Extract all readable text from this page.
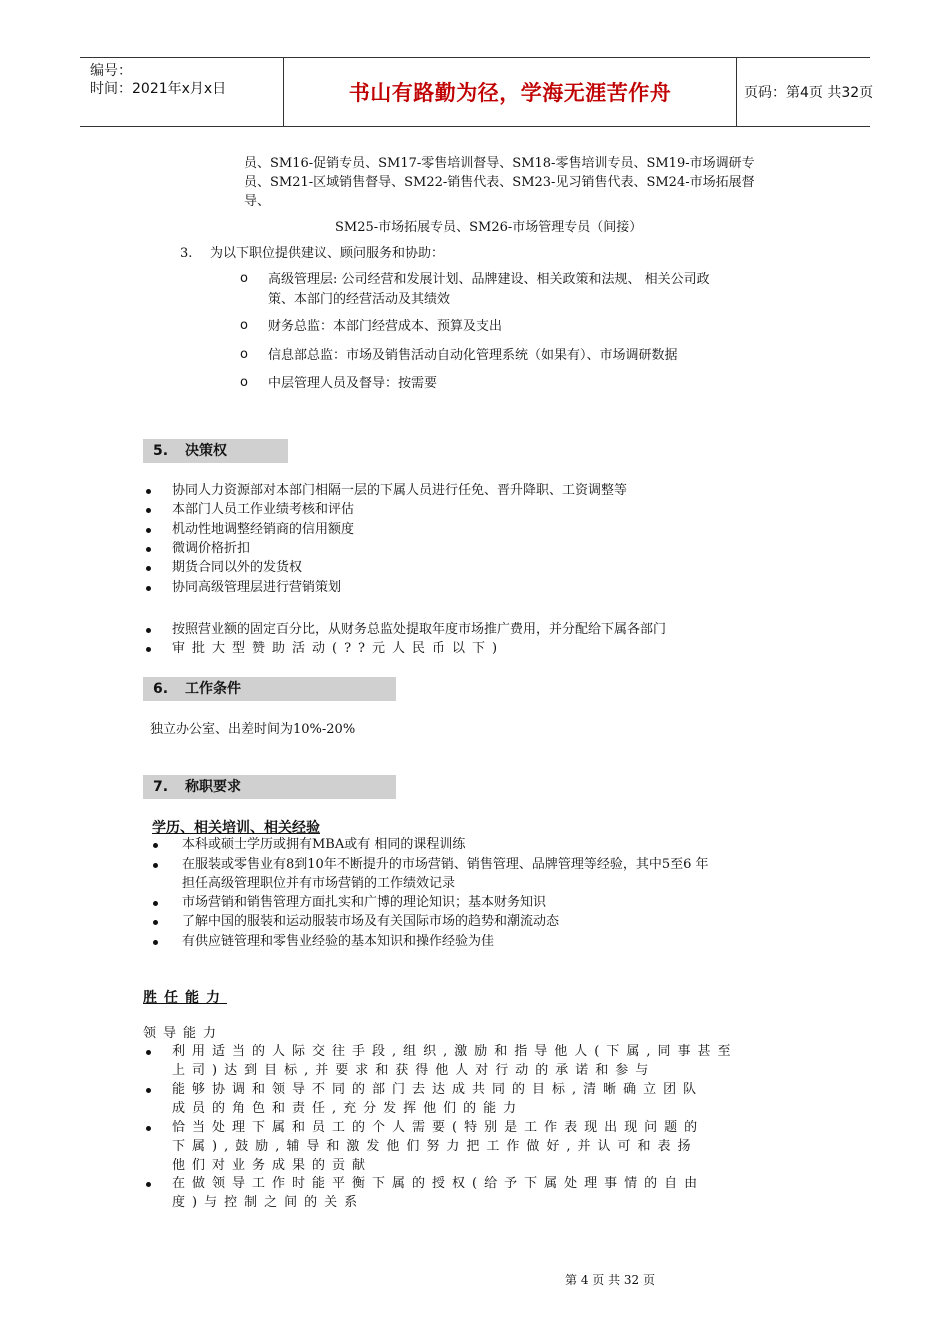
编号：
时间：2021年x月x日	书山有路勤为径，学海无涯苦作舟	页码：第4页 共32页
员、SM16-促销专员、SM17-零售培训督导、SM18-零售培训专员、SM19-市场调研专
员、SM21-区域销售督导、SM22-销售代表、SM23-见习销售代表、SM24-市场拓展督
导、
SM25-市场拓展专员、SM26-市场管理专员（间接）
3. 为以下职位提供建议、顾问服务和协助：
o 高级管理层: 公司经营和发展计划、品牌建设、相关政策和法规、 相关公司政
策、本部门的经营活动及其绩效
o 财务总监：本部门经营成本、预算及支出
o 信息部总监：市场及销售活动自动化管理系统（如果有）、市场调研数据
o 中层管理人员及督导：按需要
5. 决策权
协同人力资源部对本部门相隔一层的下属人员进行任免、晋升降职、工资调整等
本部门人员工作业绩考核和评估
机动性地调整经销商的信用额度
微调价格折扣
期货合同以外的发货权
协同高级管理层进行营销策划
按照营业额的固定百分比，从财务总监处提取年度市场推广费用，并分配给下属各部门
审批大型赞助活动(??元人民币以下)
6. 工作条件
独立办公室、出差时间为10%-20%
7. 称职要求
学历、相关培训、相关经验
本科或硕士学历或拥有MBA或有 相同的课程训练
在服装或零售业有8到10年不断提升的市场营销、销售管理、品牌管理等经验，其中5至6 年
担任高级管理职位并有市场营销的工作绩效记录
市场营销和销售管理方面扎实和广博的理论知识；基本财务知识
了解中国的服装和运动服装市场及有关国际市场的趋势和潮流动态
有供应链管理和零售业经验的基本知识和操作经验为佳
胜任能力
领导能力
利用适当的人际交往手段,组织,激励和指导他人(下属,同事甚至
上司)达到目标,并要求和获得他人对行动的承诺和参与
能够协调和领导不同的部门去达成共同的目标,清晰确立团队
成员的角色和责任,充分发挥他们的能力
恰当处理下属和员工的个人需要(特别是工作表现出现问题的
下属),鼓励,辅导和激发他们努力把工作做好,并认可和表扬
他们对业务成果的贡献
在做领导工作时能平衡下属的授权(给予下属处理事情的自由
度)与控制之间的关系
第 4 页 共 32 页
